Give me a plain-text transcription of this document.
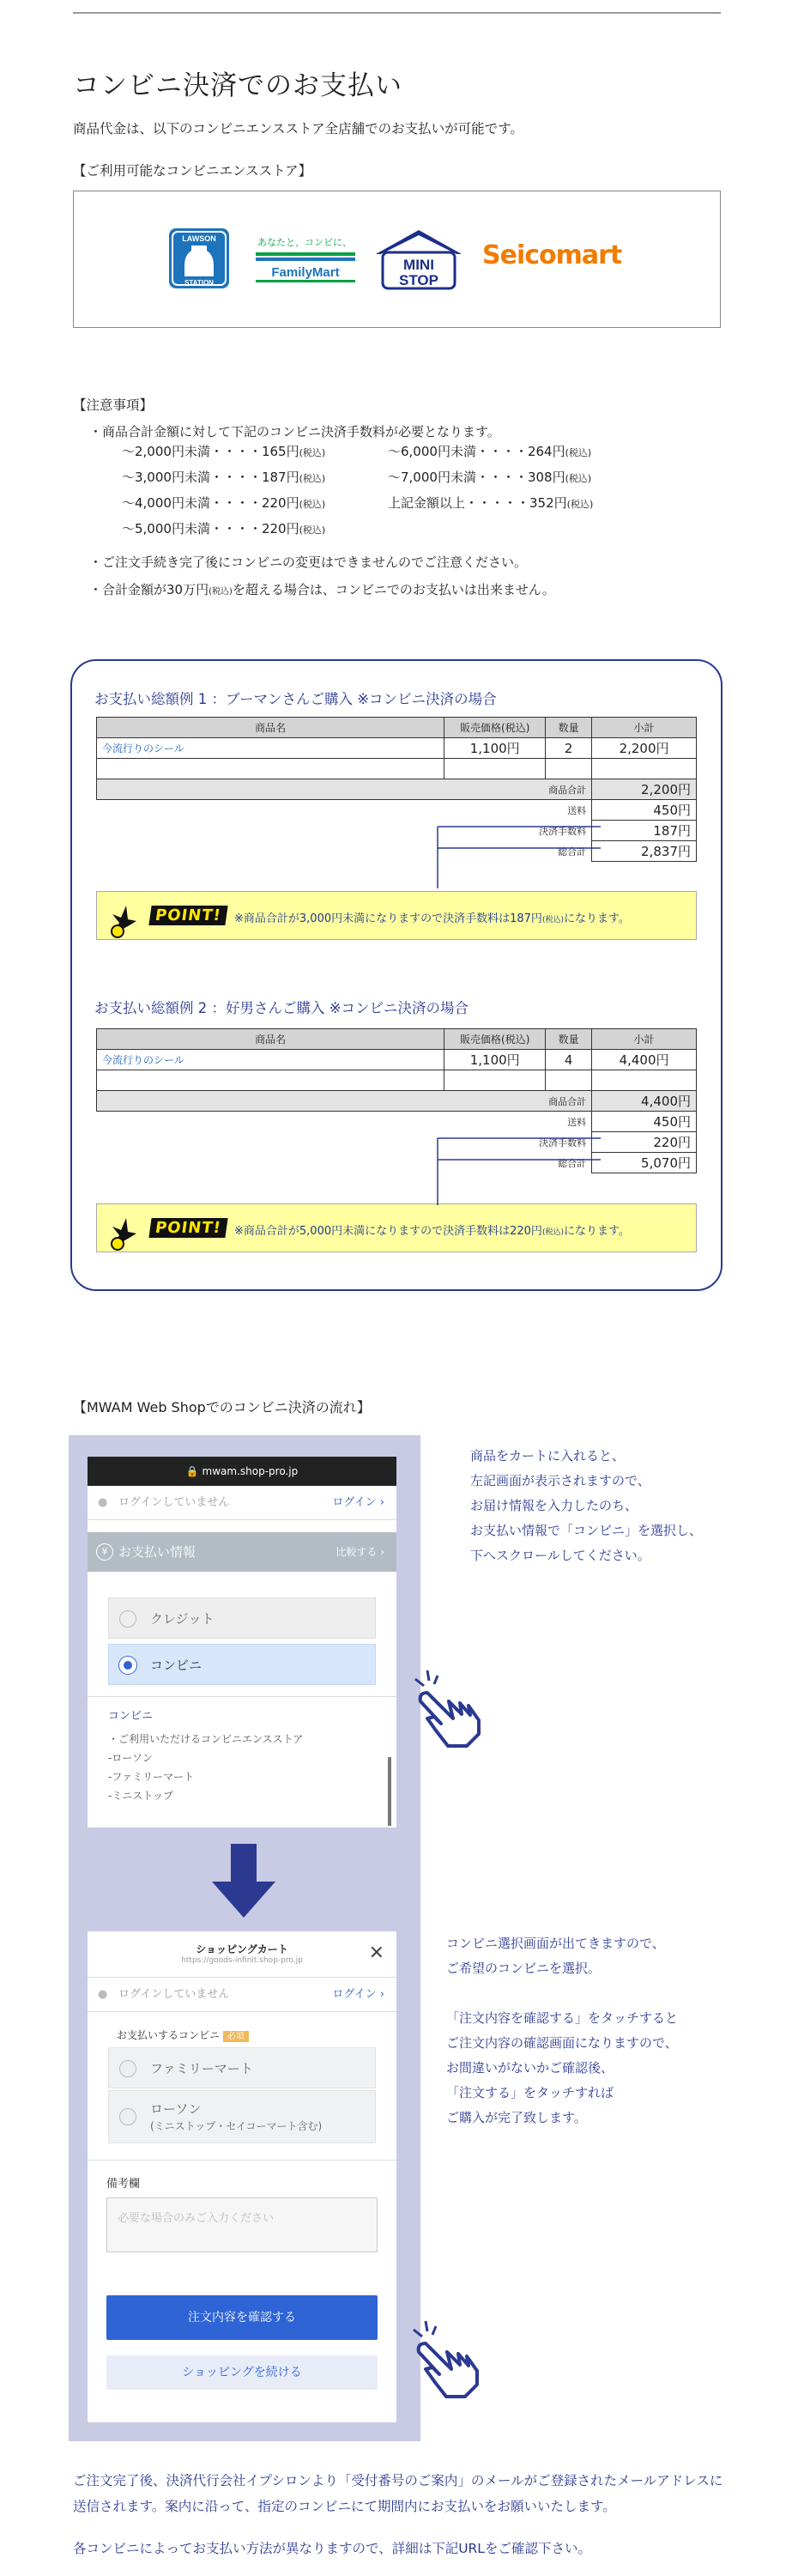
コンビニ決済でのお支払い

商品代金は、以下のコンビニエンスストア全店舗でのお支払いが可能です。

【ご利用可能なコンビニエンスストア】

LAWSON
STATION
あなたと、コンビに、
FamilyMart	MINI
STOP
Seicomart

【注意事項】

・商品合計金額に対して下記のコンビニ決済手数料が必要となります。

～2,000円未満・・・・165円(税込)
～3,000円未満・・・・187円(税込)
～4,000円未満・・・・220円(税込)
～5,000円未満・・・・220円(税込)
～6,000円未満・・・・264円(税込)
～7,000円未満・・・・308円(税込)
上記金額以上・・・・・352円(税込)

・ご注文手続き完了後にコンビニの変更はできませんのでご注意ください。

・合計金額が30万円(税込)を超える場合は、コンビニでのお支払いは出来ません。

お支払い総額例 1 ：ブーマンさんご購入 ※コンビニ決済の場合
商品名	販売価格(税込)	数量	小計
今流行りのシール	1,100円	2	2,200円

商品合計			2,200円
送料			450円
決済手数料			187円
総合計			2,837円
POINT!	※商品合計が3,000円未満になりますので決済手数料は187円(税込)になります。
お支払い総額例 2 ：好男さんご購入 ※コンビニ決済の場合
商品名	販売価格(税込)	数量	小計
今流行りのシール	1,100円	4	4,400円

商品合計			4,400円
送料			450円
決済手数料			220円
総合計			5,070円
POINT!	※商品合計が5,000円未満になりますので決済手数料は220円(税込)になります。

【MWAM Web Shopでのコンビニ決済の流れ】

🔒 mwam.shop-pro.jp
● ログインしていません	ログイン ›
¥ お支払い情報	比較する ›
クレジット
コンビニ
コンビニ
・ご利用いただけるコンビニエンスストア
-ローソン
-ファミリーマート
-ミニストップ
商品をカートに入れると、
左記画面が表示されますので、
お届け情報を入力したのち、
お支払い情報で「コンビニ」を選択し、
下へスクロールしてください。
ショッピングカート
https://goods-infinit.shop-pro.jp	×
● ログインしていません	ログイン ›
お支払いするコンビニ 必須
ファミリーマート
ローソン
(ミニストップ・セイコーマート含む)
備考欄
必要な場合のみご入力ください
注文内容を確認する
ショッピングを続ける
コンビニ選択画面が出てきますので、
ご希望のコンビニを選択。
「注文内容を確認する」をタッチすると
ご注文内容の確認画面になりますので、
お間違いがないかご確認後、
「注文する」をタッチすれば
ご購入が完了致します。

ご注文完了後、決済代行会社イプシロンより「受付番号のご案内」のメールがご登録されたメールアドレスに送信されます。案内に沿って、指定のコンビニにて期間内にお支払いをお願いいたします。

各コンビニによってお支払い方法が異なりますので、詳細は下記URLをご確認下さい。
